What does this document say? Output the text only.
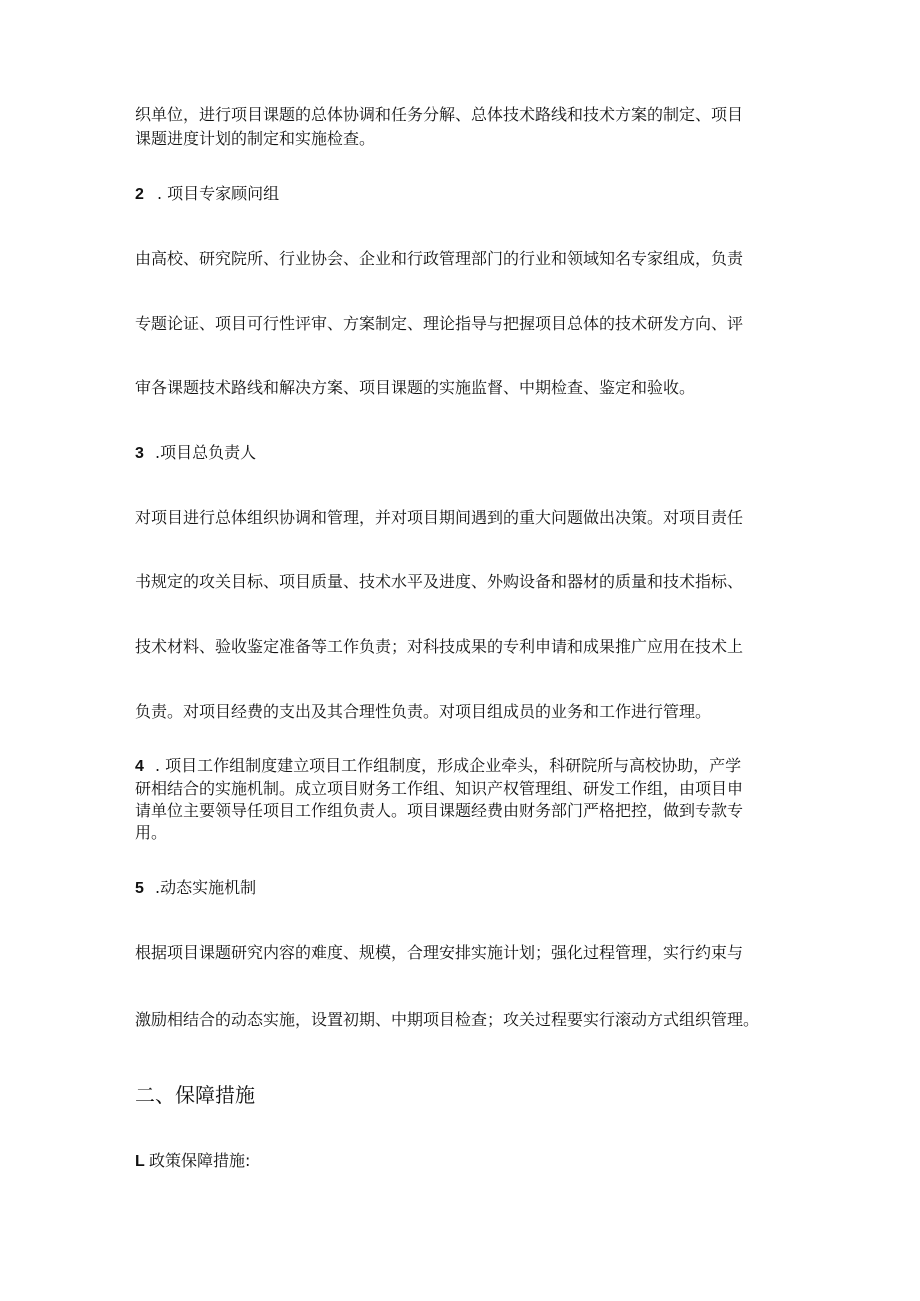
织单位，进行项目课题的总体协调和任务分解、总体技术路线和技术方案的制定、项目
课题进度计划的制定和实施检查。
2 . 项目专家顾问组
由高校、研究院所、行业协会、企业和行政管理部门的行业和领域知名专家组成，负责
专题论证、项目可行性评审、方案制定、理论指导与把握项目总体的技术研发方向、评
审各课题技术路线和解决方案、项目课题的实施监督、中期检查、鉴定和验收。
3 .项目总负责人
对项目进行总体组织协调和管理，并对项目期间遇到的重大问题做出决策。对项目责任
书规定的攻关目标、项目质量、技术水平及进度、外购设备和器材的质量和技术指标、
技术材料、验收鉴定准备等工作负责；对科技成果的专利申请和成果推广应用在技术上
负责。对项目经费的支出及其合理性负责。对项目组成员的业务和工作进行管理。
4 . 项目工作组制度建立项目工作组制度，形成企业牵头，科研院所与高校协助，产学
研相结合的实施机制。成立项目财务工作组、知识产权管理组、研发工作组，由项目申
请单位主要领导任项目工作组负责人。项目课题经费由财务部门严格把控，做到专款专
用。
5 .动态实施机制
根据项目课题研究内容的难度、规模，合理安排实施计划；强化过程管理，实行约束与
激励相结合的动态实施，设置初期、中期项目检查；攻关过程要实行滚动方式组织管理。
二、保障措施
L 政策保障措施:
